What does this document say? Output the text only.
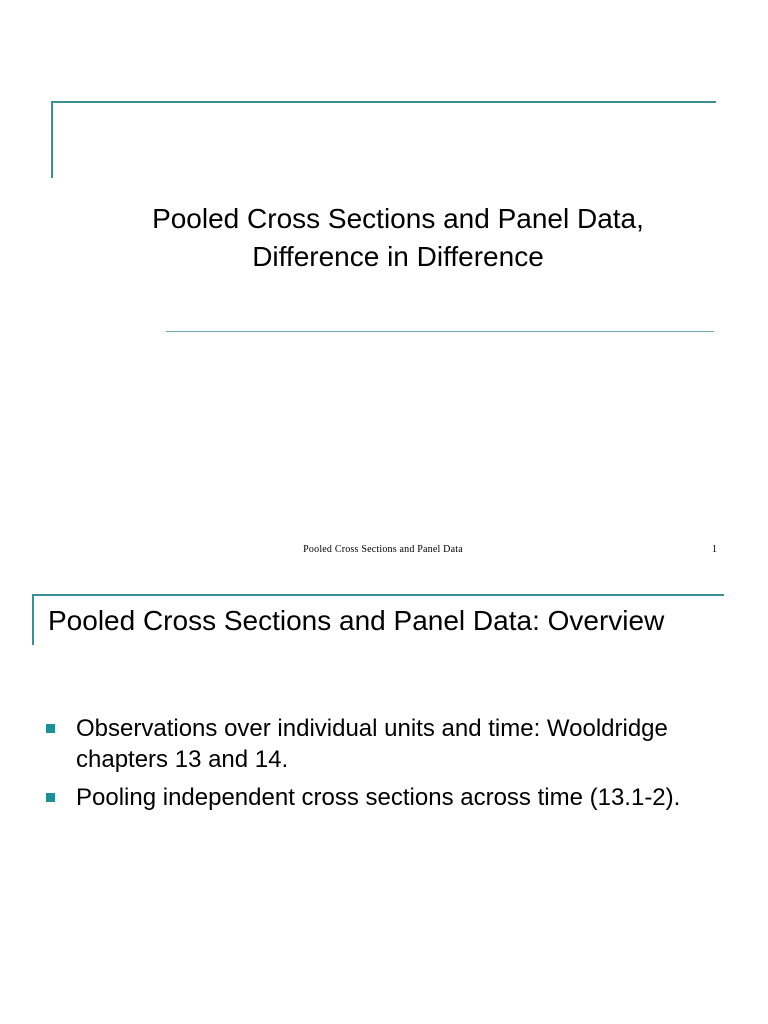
Pooled Cross Sections and Panel Data,
Difference in Difference
Pooled Cross Sections and Panel Data	1
Pooled Cross Sections and Panel Data: Overview
Observations over individual units and time: Wooldridge chapters 13 and 14.
Pooling independent cross sections across time (13.1-2).
